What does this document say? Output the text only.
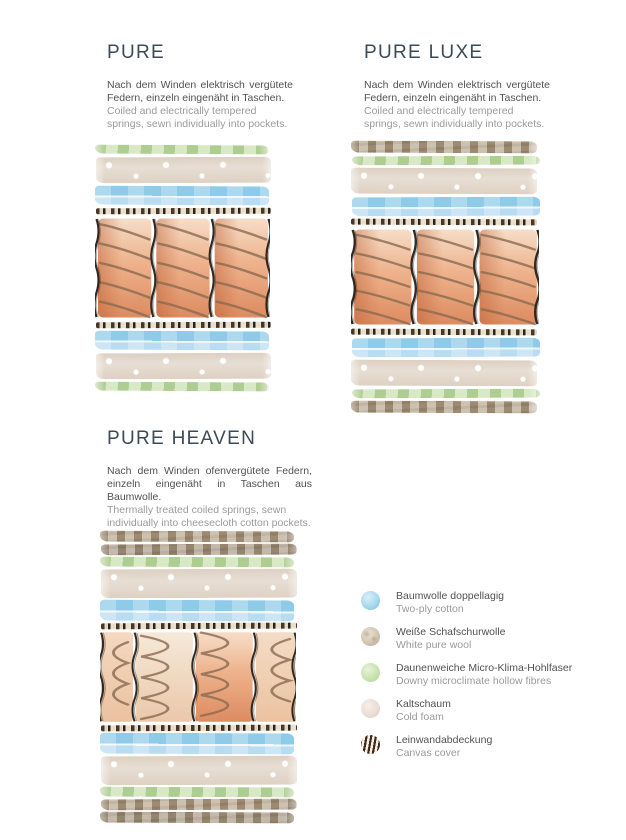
PURE

Nach dem Winden elektrisch vergütete Federn, einzeln eingenäht in Taschen.

Coiled and electrically tempered springs, sewn individually into pockets.

PURE LUXE

Nach dem Winden elektrisch vergütete Federn, einzeln eingenäht in Taschen.

Coiled and electrically tempered springs, sewn individually into pockets.

PURE HEAVEN

Nach dem Winden ofenvergütete Federn, einzeln eingenäht in Taschen aus Baumwolle.

Thermally treated coiled springs, sewn individually into cheesecloth cotton pockets.

Baumwolle doppellagig
Two-ply cotton
Weiße Schafschurwolle
White pure wool
Daunenweiche Micro-Klima-Hohlfaser
Downy microclimate hollow fibres
Kaltschaum
Cold foam
Leinwandabdeckung
Canvas cover
